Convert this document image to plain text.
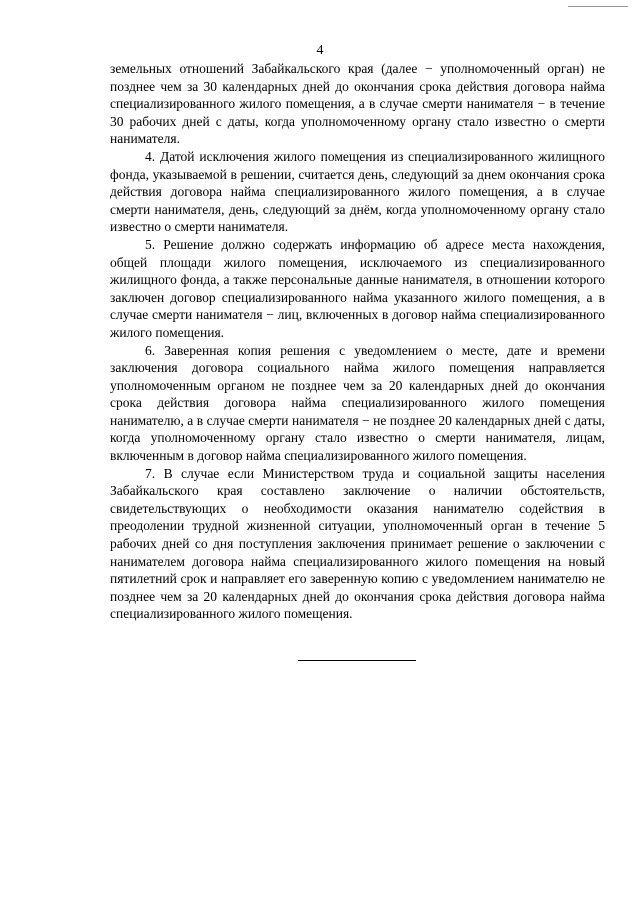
4

земельных отношений Забайкальского края (далее − уполномоченный орган) не позднее чем за 30 календарных дней до окончания срока действия договора найма специализированного жилого помещения, а в случае смерти нанимателя − в течение 30 рабочих дней с даты, когда уполномоченному органу стало известно о смерти нанимателя.

4. Датой исключения жилого помещения из специализированного жилищного фонда, указываемой в решении, считается день, следующий за днем окончания срока действия договора найма специализированного жилого помещения, а в случае смерти нанимателя, день, следующий за днём, когда уполномоченному органу стало известно о смерти нанимателя.

5. Решение должно содержать информацию об адресе места нахождения, общей площади жилого помещения, исключаемого из специализированного жилищного фонда, а также персональные данные нанимателя, в отношении которого заключен договор специализированного найма указанного жилого помещения, а в случае смерти нанимателя − лиц, включенных в договор найма специализированного жилого помещения.

6. Заверенная копия решения с уведомлением о месте, дате и времени заключения договора социального найма жилого помещения направляется уполномоченным органом не позднее чем за 20 календарных дней до окончания срока действия договора найма специализированного жилого помещения нанимателю, а в случае смерти нанимателя − не позднее 20 календарных дней с даты, когда уполномоченному органу стало известно о смерти нанимателя, лицам, включенным в договор найма специализированного жилого помещения.

7. В случае если Министерством труда и социальной защиты населения Забайкальского края составлено заключение о наличии обстоятельств, свидетельствующих о необходимости оказания нанимателю содействия в преодолении трудной жизненной ситуации, уполномоченный орган в течение 5 рабочих дней со дня поступления заключения принимает решение о заключении с нанимателем договора найма специализированного жилого помещения на новый пятилетний срок и направляет его заверенную копию с уведомлением нанимателю не позднее чем за 20 календарных дней до окончания срока действия договора найма специализированного жилого помещения.
